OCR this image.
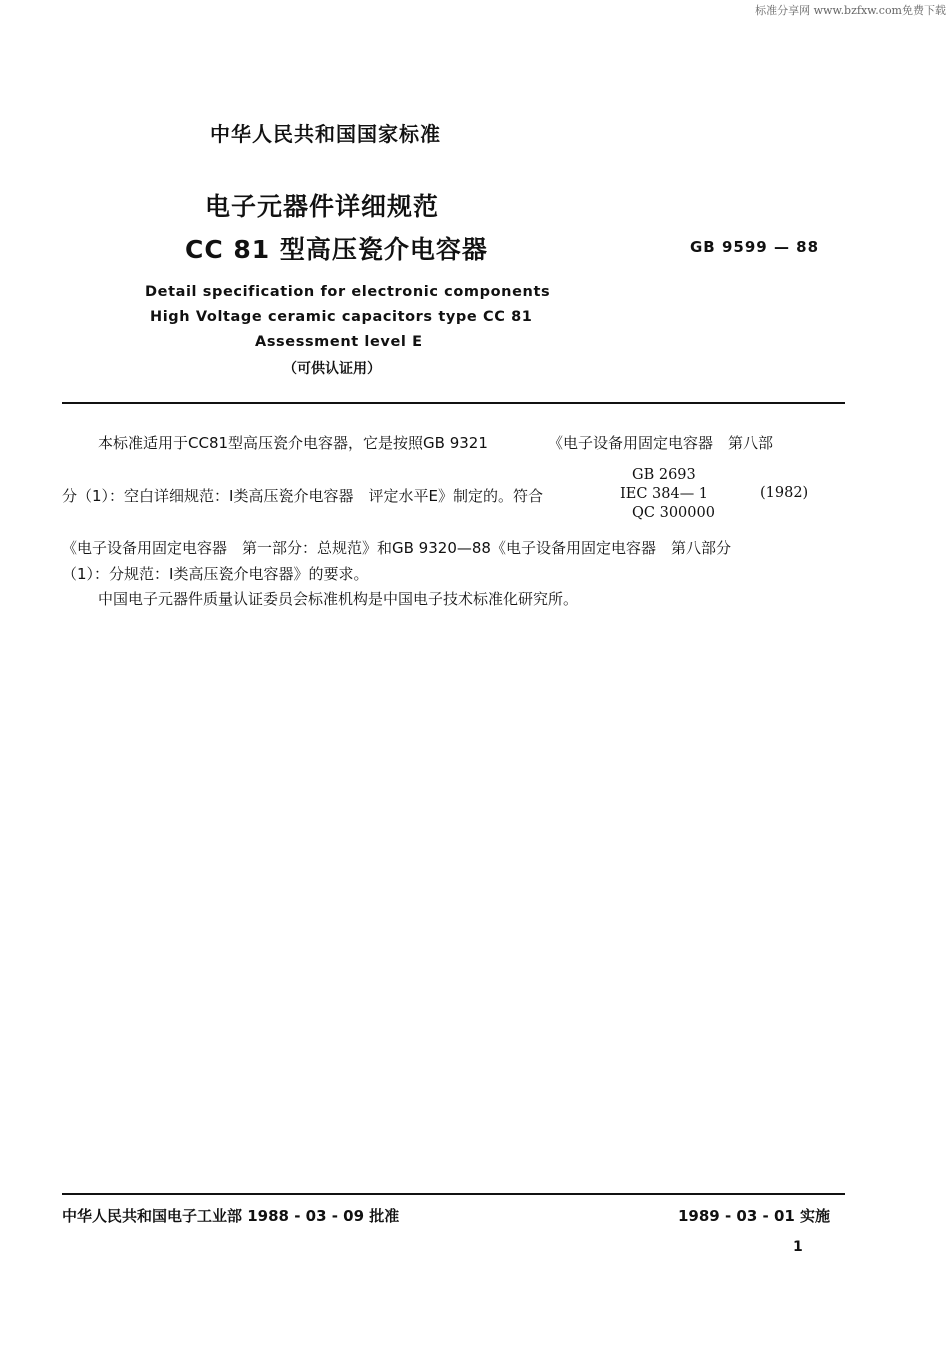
标准分享网 www.bzfxw.com免费下载
中华人民共和国国家标准
电子元器件详细规范
CC 81 型高压瓷介电容器	GB 9599 — 88
Detail specification for electronic components
High Voltage ceramic capacitors type CC 81
Assessment level E
（可供认证用）
本标准适用于CC81型高压瓷介电容器，它是按照GB 9321	《电子设备用固定电容器　第八部
分（1）：空白详细规范：Ⅰ类高压瓷介电容器　评定水平E》制定的。符合
GB 2693
IEC 384— 1
QC 300000
(1982)
《电子设备用固定电容器　第一部分：总规范》和GB 9320—88《电子设备用固定电容器　第八部分
（1）：分规范：Ⅰ类高压瓷介电容器》的要求。
中国电子元器件质量认证委员会标准机构是中国电子技术标准化研究所。
中华人民共和国电子工业部 1988 - 03 - 09 批准	1989 - 03 - 01 实施
1
